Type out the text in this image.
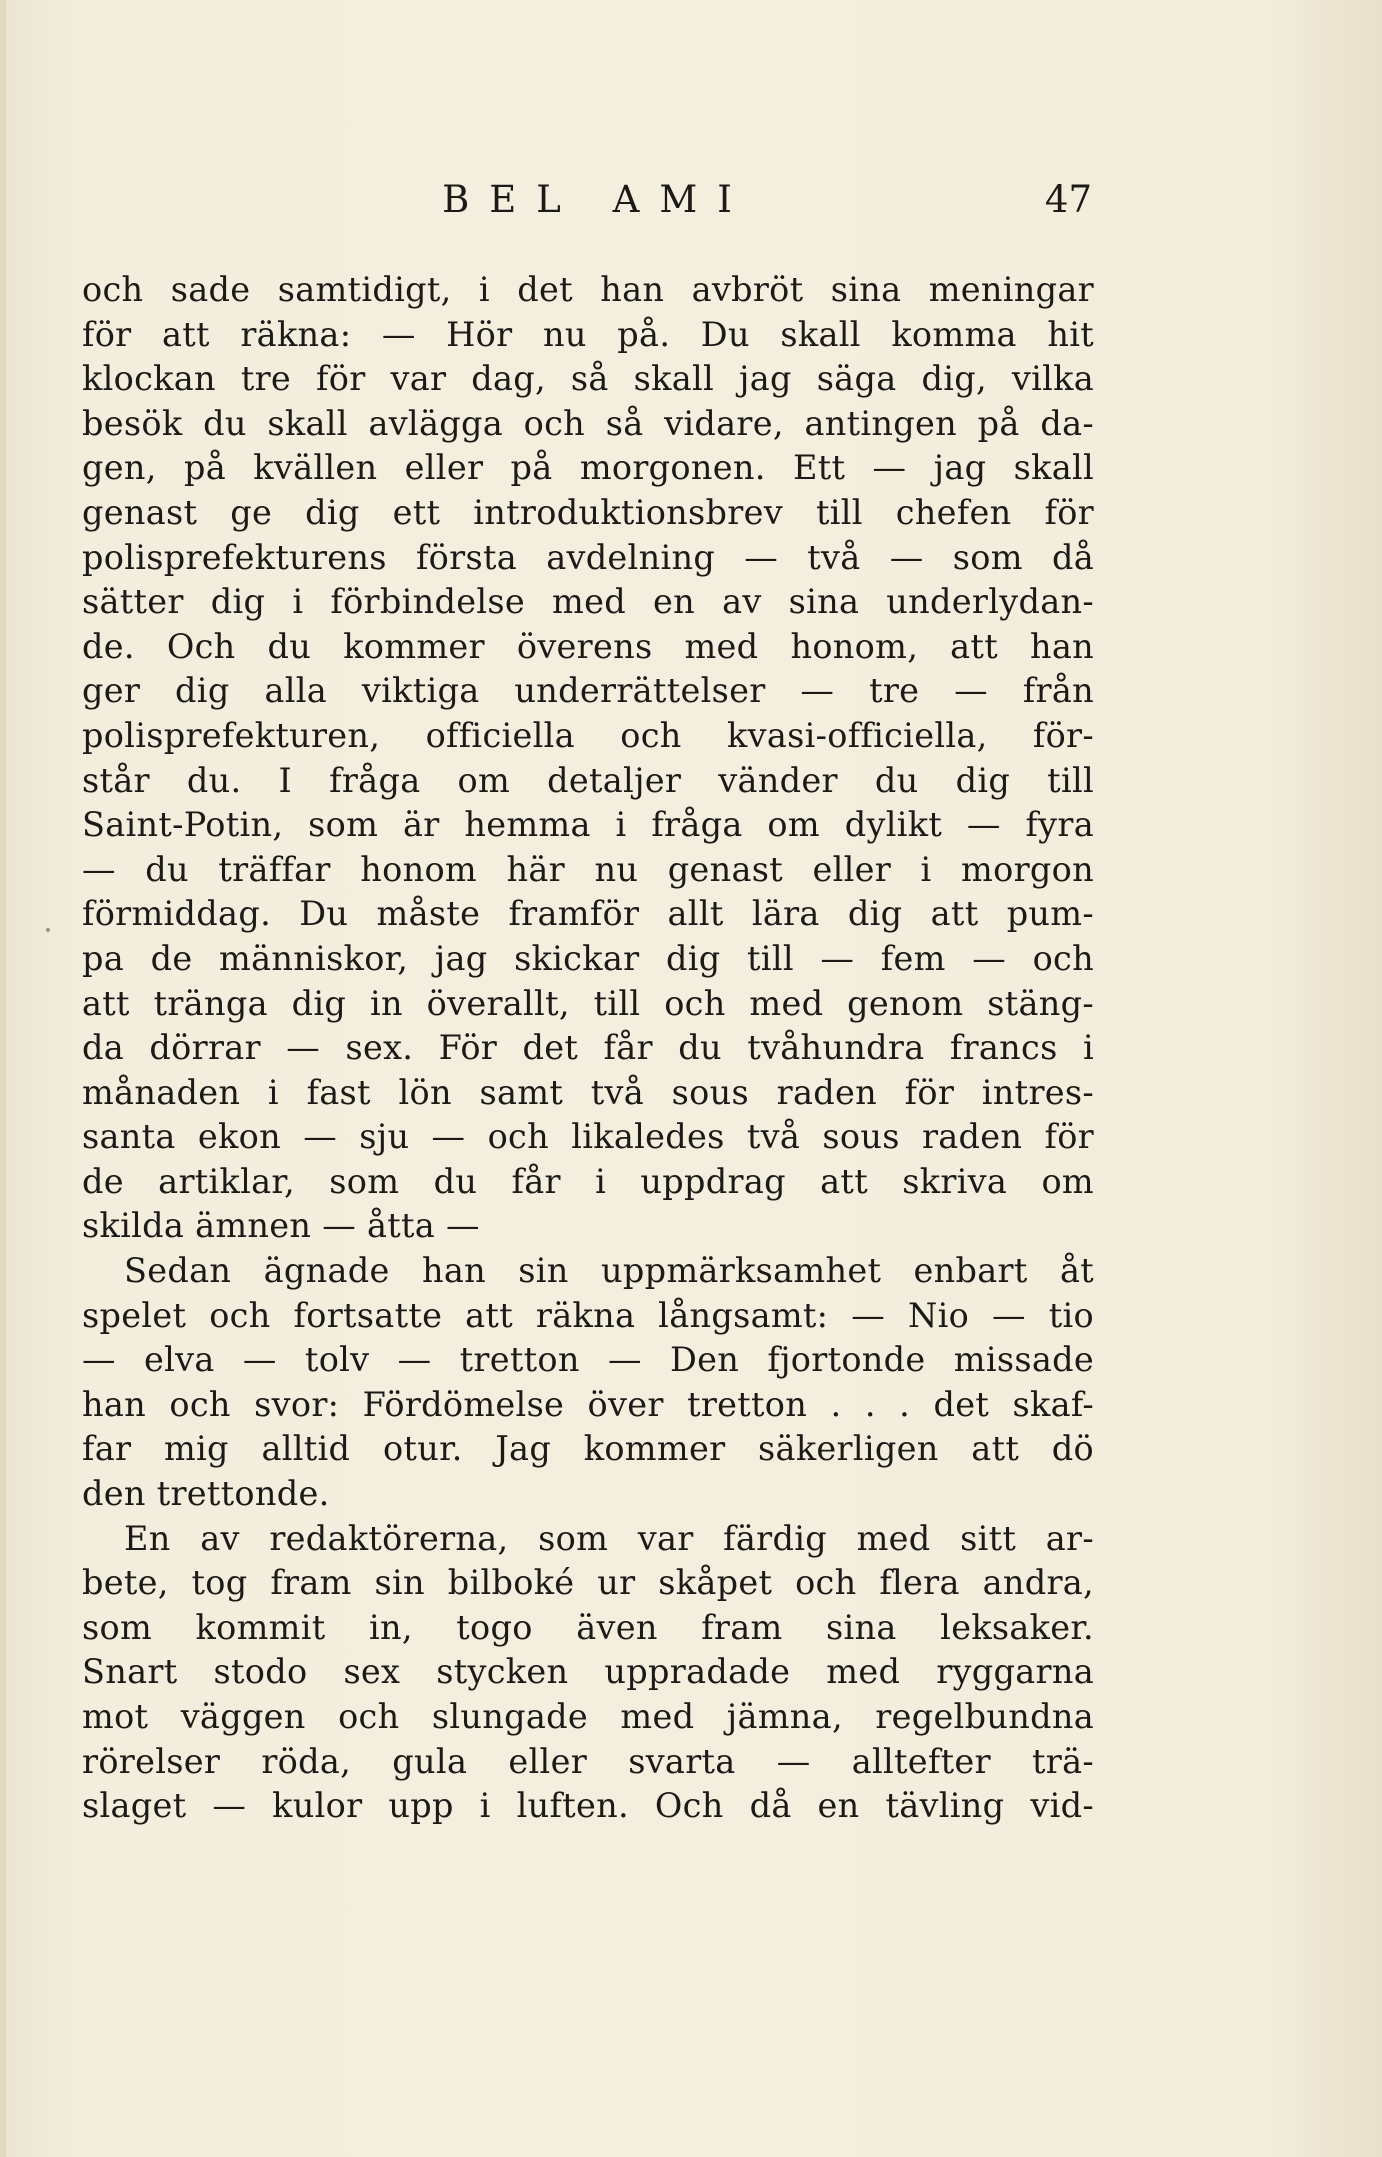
BEL AMI	47
och sade samtidigt, i det han avbröt sina meningar
för att räkna: — Hör nu på. Du skall komma hit
klockan tre för var dag, så skall jag säga dig, vilka
besök du skall avlägga och så vidare, antingen på da-
gen, på kvällen eller på morgonen. Ett — jag skall
genast ge dig ett introduktionsbrev till chefen för
polisprefekturens första avdelning — två — som då
sätter dig i förbindelse med en av sina underlydan-
de. Och du kommer överens med honom, att han
ger dig alla viktiga underrättelser — tre — från
polisprefekturen, officiella och kvasi-officiella, för-
står du. I fråga om detaljer vänder du dig till
Saint-Potin, som är hemma i fråga om dylikt — fyra
— du träffar honom här nu genast eller i morgon
förmiddag. Du måste framför allt lära dig att pum-
pa de människor, jag skickar dig till — fem — och
att tränga dig in överallt, till och med genom stäng-
da dörrar — sex. För det får du tvåhundra francs i
månaden i fast lön samt två sous raden för intres-
santa ekon — sju — och likaledes två sous raden för
de artiklar, som du får i uppdrag att skriva om
skilda ämnen — åtta —
Sedan ägnade han sin uppmärksamhet enbart åt
spelet och fortsatte att räkna långsamt: — Nio — tio
— elva — tolv — tretton — Den fjortonde missade
han och svor: Fördömelse över tretton . . . det skaf-
far mig alltid otur. Jag kommer säkerligen att dö
den trettonde.
En av redaktörerna, som var färdig med sitt ar-
bete, tog fram sin bilboké ur skåpet och flera andra,
som kommit in, togo även fram sina leksaker.
Snart stodo sex stycken uppradade med ryggarna
mot väggen och slungade med jämna, regelbundna
rörelser röda, gula eller svarta — alltefter trä-
slaget — kulor upp i luften. Och då en tävling vid-
